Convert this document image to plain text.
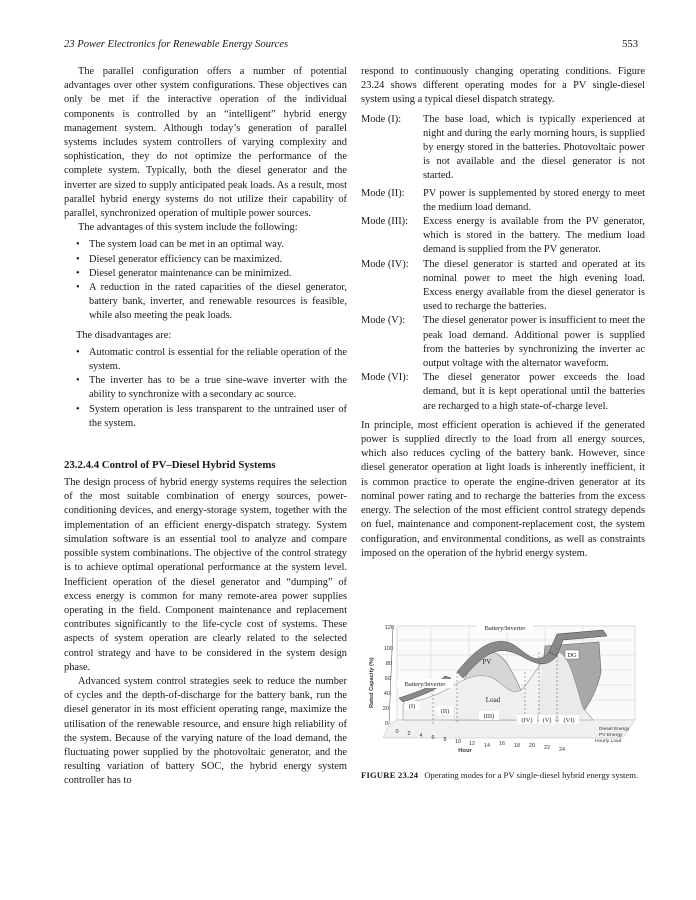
23 Power Electronics for Renewable Energy Sources	553

The parallel configuration offers a number of potential advantages over other system configurations. These objectives can only be met if the interactive operation of the individual components is controlled by an “intelligent” hybrid energy management system. Although today’s generation of parallel systems includes system controllers of varying complexity and sophistication, they do not optimize the performance of the complete system. Typically, both the diesel generator and the inverter are sized to supply anticipated peak loads. As a result, most parallel hybrid energy systems do not utilize their capability of parallel, synchronized operation of multiple power sources.

The advantages of this system include the following:

• The system load can be met in an optimal way.
• Diesel generator efficiency can be maximized.
• Diesel generator maintenance can be minimized.
• A reduction in the rated capacities of the diesel generator, battery bank, inverter, and renewable resources is feasible, while also meeting the peak loads.

The disadvantages are:

• Automatic control is essential for the reliable operation of the system.
• The inverter has to be a true sine-wave inverter with the ability to synchronize with a secondary ac source.
• System operation is less transparent to the untrained user of the system.
23.2.4.4 Control of PV–Diesel Hybrid Systems

The design process of hybrid energy systems requires the selection of the most suitable combination of energy sources, power-conditioning devices, and energy-storage system, together with the implementation of an efficient energy-dispatch strategy. System simulation software is an essential tool to analyze and compare possible system combinations. The objective of the control strategy is to achieve optimal operational performance at the system level. Inefficient operation of the diesel generator and “dumping” of excess energy is common for many remote-area power supplies operating in the field. Component maintenance and replacement contributes significantly to the life-cycle cost of systems. These aspects of system operation are clearly related to the selected control strategy and have to be considered in the system design phase.

Advanced system control strategies seek to reduce the number of cycles and the depth-of-discharge for the battery bank, run the diesel generator in its most efficient operating range, maximize the utilisation of the renewable resource, and ensure high reliability of the system. Because of the varying nature of the load demand, the fluctuating power supplied by the photovoltaic generator, and the resulting variation of battery SOC, the hybrid energy system controller has to

respond to continuously changing operating conditions. Figure 23.24 shows different operating modes for a PV single-diesel system using a typical diesel dispatch strategy.

Mode (I):	The base load, which is typically experienced at night and during the early morning hours, is supplied by energy stored in the batteries. Photovoltaic power is not available and the diesel generator is not started.
Mode (II):	PV power is supplemented by stored energy to meet the medium load demand.
Mode (III):	Excess energy is available from the PV generator, which is stored in the battery. The medium load demand is supplied from the PV generator.
Mode (IV):	The diesel generator is started and operated at its nominal power to meet the high evening load. Excess energy available from the diesel generator is used to recharge the batteries.
Mode (V):	The diesel generator power is insufficient to meet the peak load demand. Additional power is supplied from the batteries by synchronizing the inverter ac output voltage with the alternator waveform.
Mode (VI):	The diesel generator power exceeds the load demand, but it is kept operational until the batteries are recharged to a high state-of-charge level.

In principle, most efficient operation is achieved if the generated power is supplied directly to the load from all energy sources, which also reduces cycling of the battery bank. However, since diesel generator operation at light loads is inherently inefficient, it is common practice to operate the engine-driven generator at its nominal power rating and to recharge the batteries from the excess energy. The selection of the most efficient control strategy depends on fuel, maintenance and component-replacement cost, the system configuration, and environmental conditions, as well as constraints imposed on the operation of the hybrid energy system.

0
20
40
60
80
100
120
Rated Capacity (%)
0 2 4 6 8 10 12 14 16 18 20 22 24
Hour
Battery/Inverter
Battery/Inverter
PV
DG
Load
(I)
(II)
(III)
(IV) (V) (VI)
Diesel Energy
PV Energy
Hourly Load
FIGURE 23.24 Operating modes for a PV single-diesel hybrid energy system.
